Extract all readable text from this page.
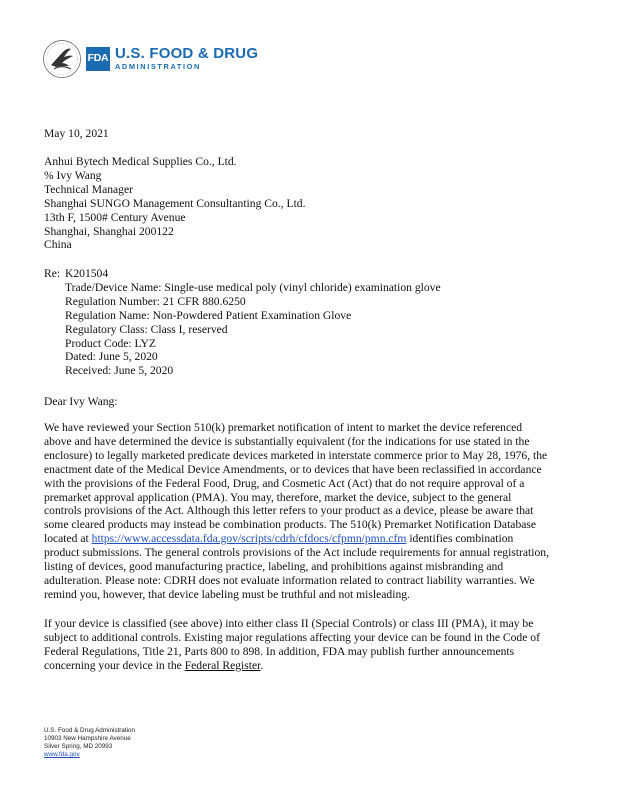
FDA U.S. FOOD & DRUG
ADMINISTRATION
May 10, 2021
Anhui Bytech Medical Supplies Co., Ltd.
% Ivy Wang
Technical Manager
Shanghai SUNGO Management Consultanting Co., Ltd.
13th F, 1500# Century Avenue
Shanghai, Shanghai 200122
China
Re: K201504
Trade/Device Name: Single-use medical poly (vinyl chloride) examination glove
Regulation Number: 21 CFR 880.6250
Regulation Name: Non-Powdered Patient Examination Glove
Regulatory Class: Class I, reserved
Product Code: LYZ
Dated: June 5, 2020
Received: June 5, 2020
Dear Ivy Wang:
We have reviewed your Section 510(k) premarket notification of intent to market the device referenced
above and have determined the device is substantially equivalent (for the indications for use stated in the
enclosure) to legally marketed predicate devices marketed in interstate commerce prior to May 28, 1976, the
enactment date of the Medical Device Amendments, or to devices that have been reclassified in accordance
with the provisions of the Federal Food, Drug, and Cosmetic Act (Act) that do not require approval of a
premarket approval application (PMA). You may, therefore, market the device, subject to the general
controls provisions of the Act. Although this letter refers to your product as a device, please be aware that
some cleared products may instead be combination products. The 510(k) Premarket Notification Database
located at https://www.accessdata.fda.gov/scripts/cdrh/cfdocs/cfpmn/pmn.cfm identifies combination
product submissions. The general controls provisions of the Act include requirements for annual registration,
listing of devices, good manufacturing practice, labeling, and prohibitions against misbranding and
adulteration. Please note: CDRH does not evaluate information related to contract liability warranties. We
remind you, however, that device labeling must be truthful and not misleading.
If your device is classified (see above) into either class II (Special Controls) or class III (PMA), it may be
subject to additional controls. Existing major regulations affecting your device can be found in the Code of
Federal Regulations, Title 21, Parts 800 to 898. In addition, FDA may publish further announcements
concerning your device in the Federal Register.
U.S. Food & Drug Administration
10903 New Hampshire Avenue
Silver Spring, MD 20993
www.fda.gov
